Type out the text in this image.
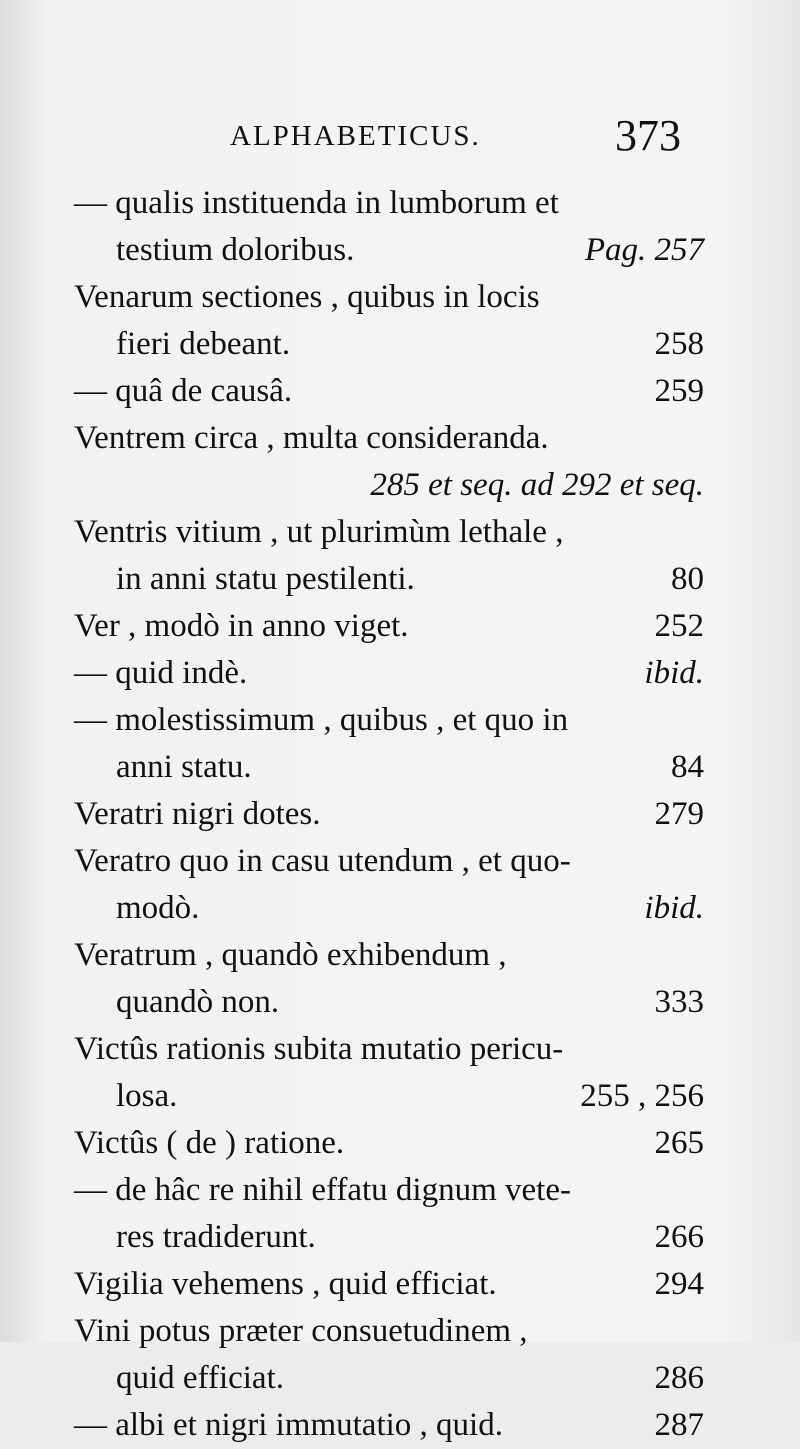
ALPHABETICUS.	373
— qualis instituenda in lumborum et
testium doloribus.	Pag. 257
Venarum sectiones , quibus in locis
fieri debeant.	258
— quâ de causâ.	259
Ventrem circa , multa consideranda.
285 et seq. ad 292 et seq.
Ventris vitium , ut plurimùm lethale ,
in anni statu pestilenti.	80
Ver , modò in anno viget.	252
— quid indè.	ibid.
— molestissimum , quibus , et quo in
anni statu.	84
Veratri nigri dotes.	279
Veratro quo in casu utendum , et quo-
modò.	ibid.
Veratrum , quandò exhibendum ,
quandò non.	333
Victûs rationis subita mutatio pericu-
losa.	255 , 256
Victûs ( de ) ratione.	265
— de hâc re nihil effatu dignum vete-
res tradiderunt.	266
Vigilia vehemens , quid efficiat.	294
Vini potus præter consuetudinem ,
quid efficiat.	286
— albi et nigri immutatio , quid.	287
